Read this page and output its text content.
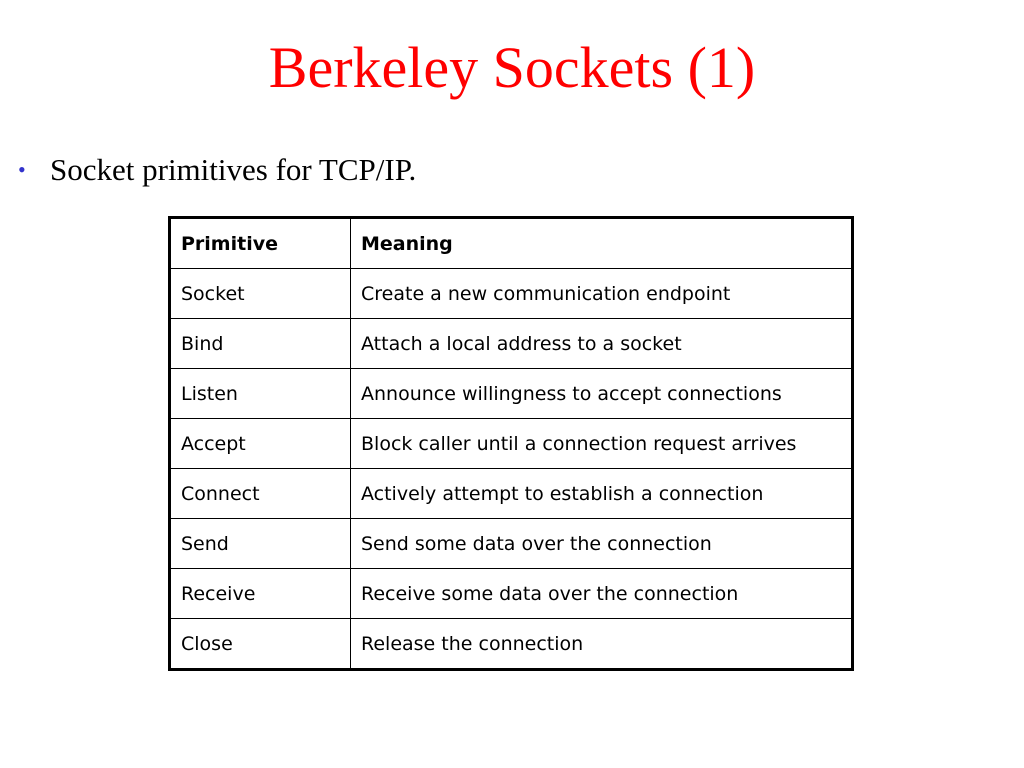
Berkeley Sockets (1)
• Socket primitives for TCP/IP.
Primitive	Meaning
Socket	Create a new communication endpoint
Bind	Attach a local address to a socket
Listen	Announce willingness to accept connections
Accept	Block caller until a connection request arrives
Connect	Actively attempt to establish a connection
Send	Send some data over the connection
Receive	Receive some data over the connection
Close	Release the connection
